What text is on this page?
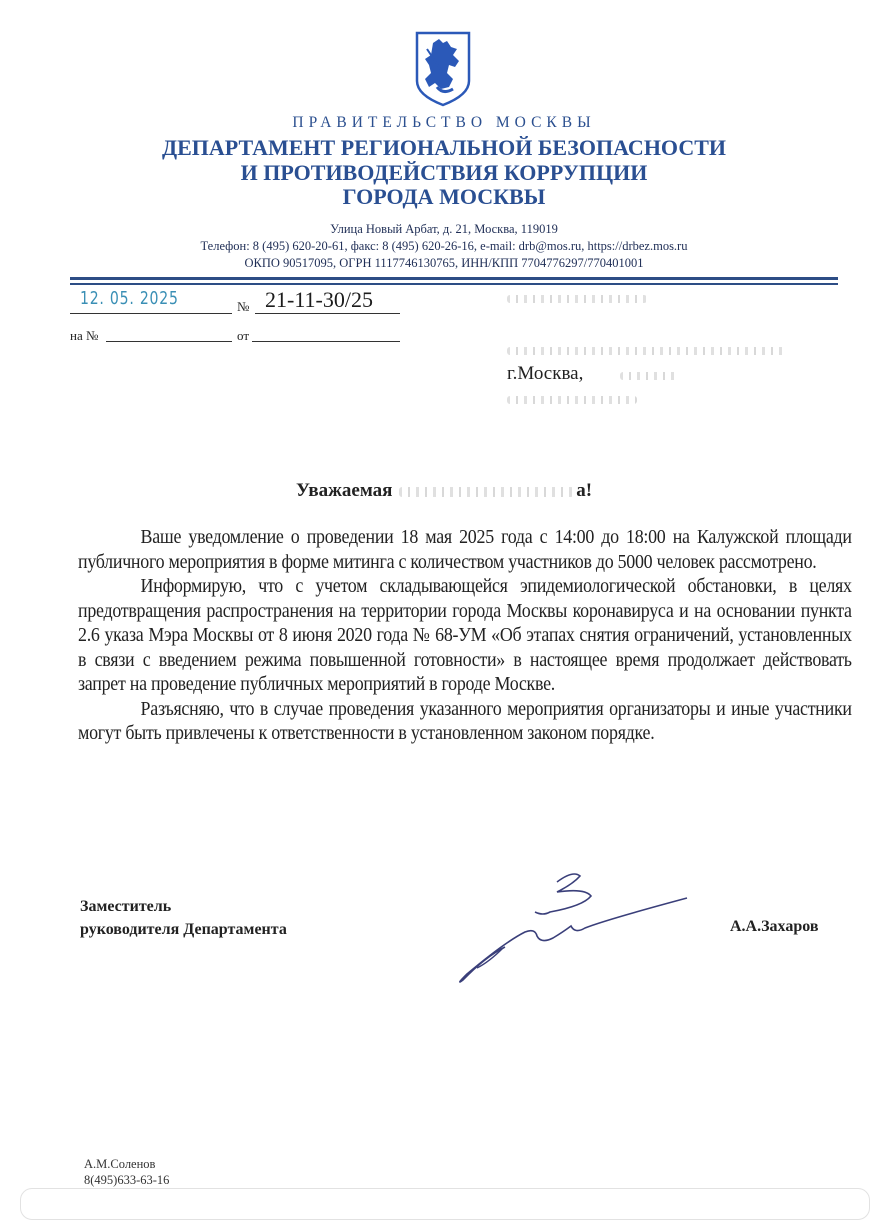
ПРАВИТЕЛЬСТВО МОСКВЫ
ДЕПАРТАМЕНТ РЕГИОНАЛЬНОЙ БЕЗОПАСНОСТИ
И ПРОТИВОДЕЙСТВИЯ КОРРУПЦИИ
ГОРОДА МОСКВЫ
Улица Новый Арбат, д. 21, Москва, 119019
Телефон: 8 (495) 620-20-61, факс: 8 (495) 620-26-16, e-mail: drb@mos.ru, https://drbez.mos.ru
ОКПО 90517095, ОГРН 1117746130765, ИНН/КПП 7704776297/770401001
12. 05. 2025	№ 21-11-30/25
на №	от
г.Москва,
Уважаемая	а!

Ваше уведомление о проведении 18 мая 2025 года с 14:00 до 18:00 на Калужской площади публичного мероприятия в форме митинга с количеством участников до 5000 человек рассмотрено.

Информирую, что с учетом складывающейся эпидемиологической обстановки, в целях предотвращения распространения на территории города Москвы коронавируса и на основании пункта 2.6 указа Мэра Москвы от 8 июня 2020 года № 68-УМ «Об этапах снятия ограничений, установленных в связи с введением режима повышенной готовности» в настоящее время продолжает действовать запрет на проведение публичных мероприятий в городе Москве.

Разъясняю, что в случае проведения указанного мероприятия организаторы и иные участники могут быть привлечены к ответственности в установленном законом порядке.

Заместитель
руководителя Департамента	А.А.Захаров
А.М.Соленов
8(495)633-63-16
